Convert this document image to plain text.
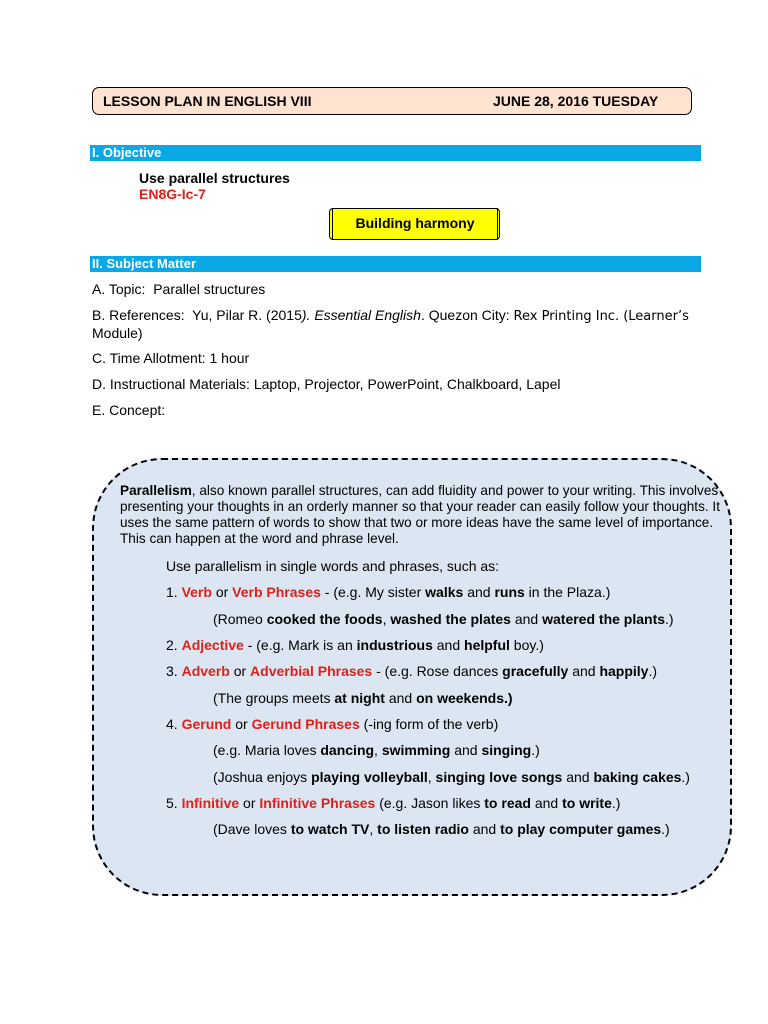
LESSON PLAN IN ENGLISH VIII	JUNE 28, 2016 TUESDAY
I. Objective
Use parallel structures
EN8G-Ic-7
Building harmony
II. Subject Matter
A. Topic: Parallel structures
B. References: Yu, Pilar R. (2015). Essential English. Quezon City: Rex Printing Inc. (Learner’s
Module)
C. Time Allotment: 1 hour
D. Instructional Materials: Laptop, Projector, PowerPoint, Chalkboard, Lapel
E. Concept:
Parallelism, also known parallel structures, can add fluidity and power to your writing. This involves presenting your thoughts in an orderly manner so that your reader can easily follow your thoughts. It uses the same pattern of words to show that two or more ideas have the same level of importance. This can happen at the word and phrase level.
Use parallelism in single words and phrases, such as:
1. Verb or Verb Phrases - (e.g. My sister walks and runs in the Plaza.)
(Romeo cooked the foods, washed the plates and watered the plants.)
2. Adjective - (e.g. Mark is an industrious and helpful boy.)
3. Adverb or Adverbial Phrases - (e.g. Rose dances gracefully and happily.)
(The groups meets at night and on weekends.)
4. Gerund or Gerund Phrases (-ing form of the verb)
(e.g. Maria loves dancing, swimming and singing.)
(Joshua enjoys playing volleyball, singing love songs and baking cakes.)
5. Infinitive or Infinitive Phrases (e.g. Jason likes to read and to write.)
(Dave loves to watch TV, to listen radio and to play computer games.)
